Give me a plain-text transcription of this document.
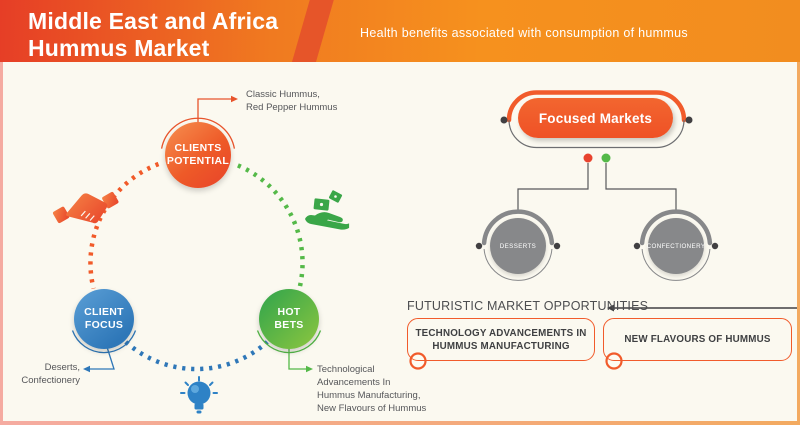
Middle East and Africa
Hummus Market
Health benefits associated with consumption of hummus
CLIENTS
POTENTIAL
CLIENT
FOCUS
HOT
BETS
Classic Hummus,
Red Pepper Hummus
Deserts,
Confectionery
Technological
Advancements In
Hummus Manufacturing,
New Flavours of Hummus
Focused Markets
DESSERTS	CONFECTIONERY
FUTURISTIC MARKET OPPORTUNITIES
TECHNOLOGY ADVANCEMENTS IN
HUMMUS MANUFACTURING
NEW FLAVOURS OF HUMMUS
